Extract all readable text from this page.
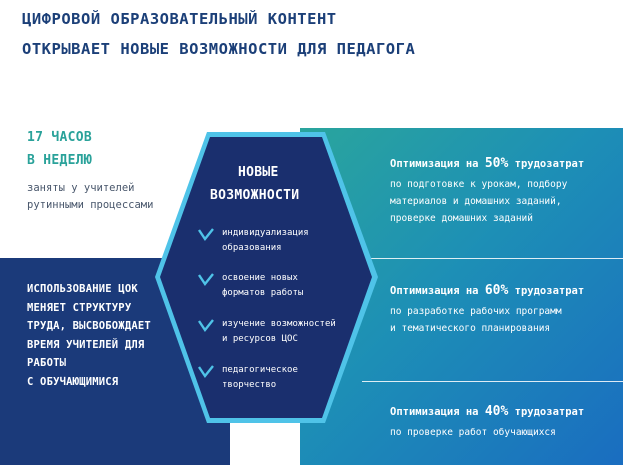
ЦИФРОВОЙ ОБРАЗОВАТЕЛЬНЫЙ КОНТЕНТ
ОТКРЫВАЕТ НОВЫЕ ВОЗМОЖНОСТИ ДЛЯ ПЕДАГОГА
17 ЧАСОВ
В НЕДЕЛЮ
заняты у учителей
рутинными процессами
ИСПОЛЬЗОВАНИЕ ЦОК
МЕНЯЕТ СТРУКТУРУ
ТРУДА, ВЫСВОБОЖДАЕТ
ВРЕМЯ УЧИТЕЛЕЙ ДЛЯ
РАБОТЫ
С ОБУЧАЮЩИМИСЯ
Оптимизация на 50% трудозатрат
по подготовке к урокам, подбору
материалов и домашних заданий,
проверке домашних заданий
Оптимизация на 60% трудозатрат
по разработке рабочих программ
и тематического планирования
Оптимизация на 40% трудозатрат
по проверке работ обучающихся
НОВЫЕ
ВОЗМОЖНОСТИ
индивидуализация
образования
освоение новых
форматов работы
изучение возможностей
и ресурсов ЦОС
педагогическое
творчество
